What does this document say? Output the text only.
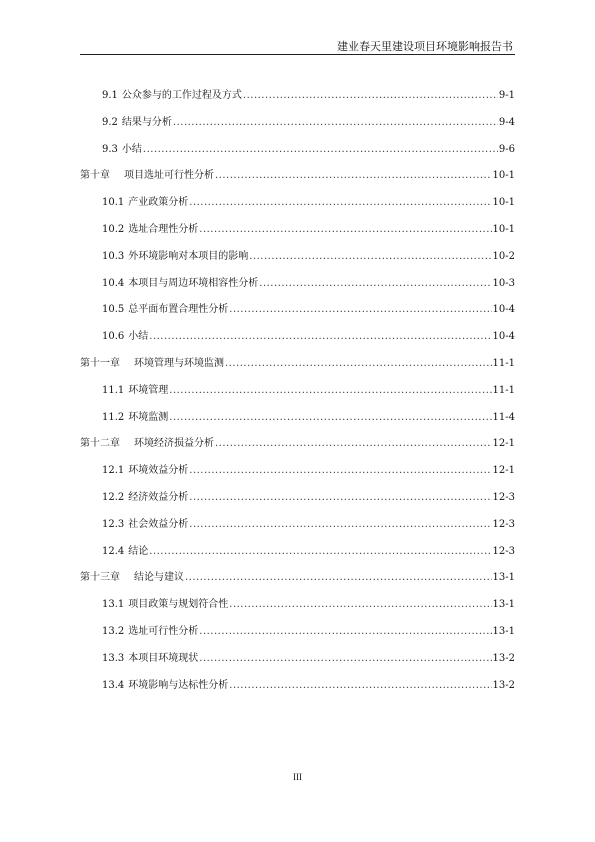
建业春天里建设项目环境影响报告书
9.1 公众参与的工作过程及方式 .....	9-1
9.2 结果与分析 .....	9-4
9.3 小结 .....	9-6
第十章 项目选址可行性分析 .....	10-1
10.1 产业政策分析 .....	10-1
10.2 选址合理性分析 .....	10-1
10.3 外环境影响对本项目的影响 .....	10-2
10.4 本项目与周边环境相容性分析 .....	10-3
10.5 总平面布置合理性分析 .....	10-4
10.6 小结 .....	10-4
第十一章 环境管理与环境监测 .....	11-1
11.1 环境管理 .....	11-1
11.2 环境监测 .....	11-4
第十二章 环境经济损益分析 .....	12-1
12.1 环境效益分析 .....	12-1
12.2 经济效益分析 .....	12-3
12.3 社会效益分析 .....	12-3
12.4 结论 .....	12-3
第十三章 结论与建议 .....	13-1
13.1 项目政策与规划符合性 .....	13-1
13.2 选址可行性分析 .....	13-1
13.3 本项目环境现状 .....	13-2
13.4 环境影响与达标性分析 .....	13-2
III
